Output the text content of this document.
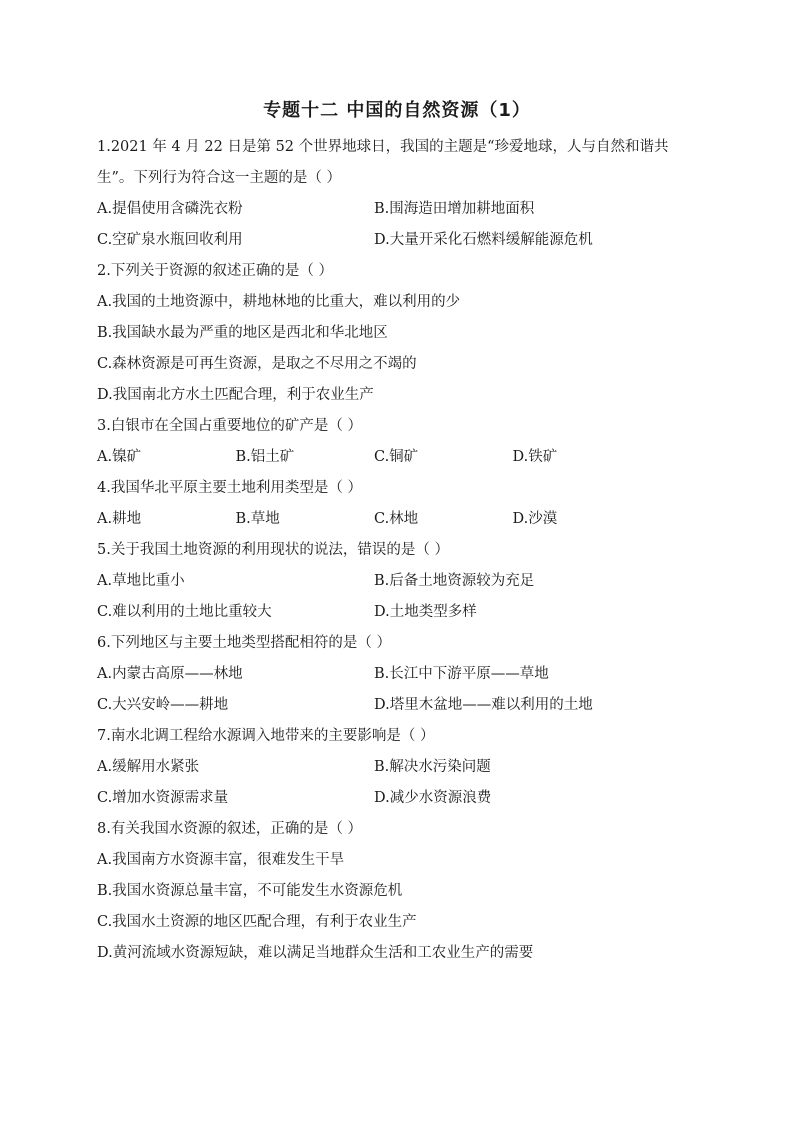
专题十二 中国的自然资源（1）
1.2021 年 4 月 22 日是第 52 个世界地球日，我国的主题是“珍爱地球，人与自然和谐共
生”。下列行为符合这一主题的是（ ）
A.提倡使用含磷洗衣粉	B.围海造田增加耕地面积
C.空矿泉水瓶回收利用	D.大量开采化石燃料缓解能源危机
2.下列关于资源的叙述正确的是（ ）
A.我国的土地资源中，耕地林地的比重大，难以利用的少
B.我国缺水最为严重的地区是西北和华北地区
C.森林资源是可再生资源，是取之不尽用之不竭的
D.我国南北方水土匹配合理，利于农业生产
3.白银市在全国占重要地位的矿产是（ ）
A.镍矿	B.铝土矿	C.铜矿	D.铁矿
4.我国华北平原主要土地利用类型是（ ）
A.耕地	B.草地	C.林地	D.沙漠
5.关于我国土地资源的利用现状的说法，错误的是（ ）
A.草地比重小	B.后备土地资源较为充足
C.难以利用的土地比重较大	D.土地类型多样
6.下列地区与主要土地类型搭配相符的是（ ）
A.内蒙古高原——林地	B.长江中下游平原——草地
C.大兴安岭——耕地	D.塔里木盆地——难以利用的土地
7.南水北调工程给水源调入地带来的主要影响是（ ）
A.缓解用水紧张	B.解决水污染问题
C.增加水资源需求量	D.减少水资源浪费
8.有关我国水资源的叙述，正确的是（ ）
A.我国南方水资源丰富，很难发生干旱
B.我国水资源总量丰富，不可能发生水资源危机
C.我国水土资源的地区匹配合理，有利于农业生产
D.黄河流域水资源短缺，难以满足当地群众生活和工农业生产的需要
